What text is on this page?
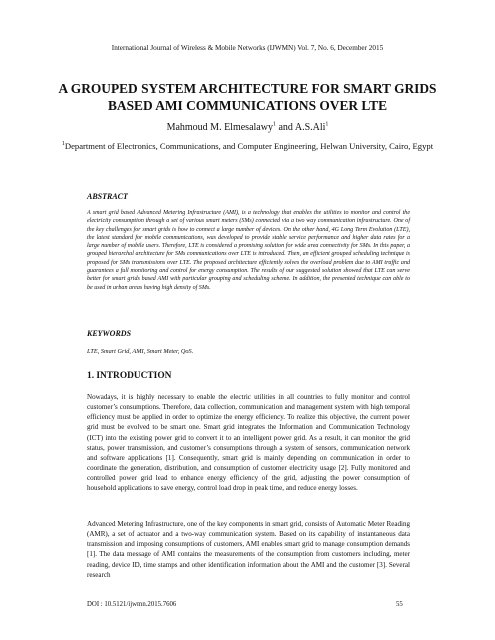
International Journal of Wireless & Mobile Networks (IJWMN) Vol. 7, No. 6, December 2015
A GROUPED SYSTEM ARCHITECTURE FOR SMART GRIDS BASED AMI COMMUNICATIONS OVER LTE
Mahmoud M. Elmesalawy$^1$ and A.S.Ali$^1$
$^1$Department of Electronics, Communications, and Computer Engineering, Helwan University, Cairo, Egypt
ABSTRACT

A smart grid based Advanced Metering Infrastructure (AMI), is a technology that enables the utilities to monitor and control the electricity consumption through a set of various smart meters (SMs) connected via a two way communication infrastructure. One of the key challenges for smart grids is how to connect a large number of devices. On the other hand, 4G Long Term Evolution (LTE), the latest standard for mobile communications, was developed to provide stable service performance and higher data rates for a large number of mobile users. Therefore, LTE is considered a promising solution for wide area connectivity for SMs. In this paper, a grouped hierarchal architecture for SMs communications over LTE is introduced. Then, an efficient grouped scheduling technique is proposed for SMs transmissions over LTE. The proposed architecture efficiently solves the overload problem due to AMI traffic and guarantees a full monitoring and control for energy consumption. The results of our suggested solution showed that LTE can serve better for smart grids based AMI with particular grouping and scheduling scheme. In addition, the presented technique can able to be used in urban areas having high density of SMs.

KEYWORDS

LTE, Smart Grid, AMI, Smart Meter, QoS.

1. INTRODUCTION

Nowadays, it is highly necessary to enable the electric utilities in all countries to fully monitor and control customer’s consumptions. Therefore, data collection, communication and management system with high temporal efficiency must be applied in order to optimize the energy efficiency. To realize this objective, the current power grid must be evolved to be smart one. Smart grid integrates the Information and Communication Technology (ICT) into the existing power grid to convert it to an intelligent power grid. As a result, it can monitor the grid status, power transmission, and customer’s consumptions through a system of sensors, communication network and software applications [1]. Consequently, smart grid is mainly depending on communication in order to coordinate the generation, distribution, and consumption of customer electricity usage [2]. Fully monitored and controlled power grid lead to enhance energy efficiency of the grid, adjusting the power consumption of household applications to save energy, control load drop in peak time, and reduce energy losses.

Advanced Metering Infrastructure, one of the key components in smart grid, consists of Automatic Meter Reading (AMR), a set of actuator and a two-way communication system. Based on its capability of instantaneous data transmission and imposing consumptions of customers, AMI enables smart grid to manage consumption demands [1]. The data message of AMI contains the measurements of the consumption from customers including, meter reading, device ID, time stamps and other identification information about the AMI and the customer [3]. Several research

DOI : 10.5121/ijwmn.2015.7606	55
